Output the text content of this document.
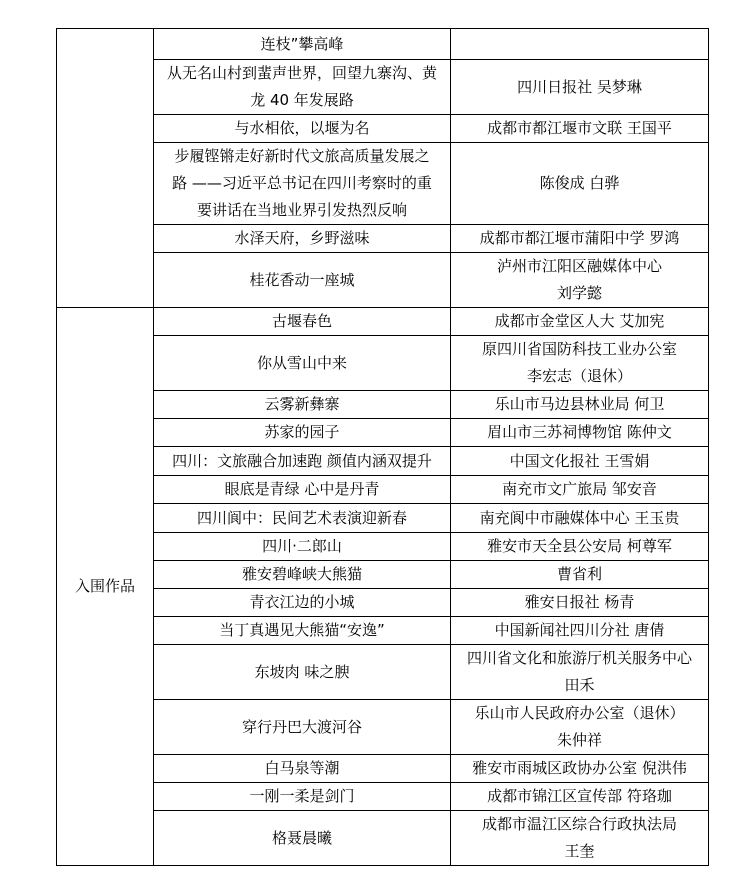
	连枝”攀高峰	
	从无名山村到蜚声世界，回望九寨沟、黄
龙 40 年发展路	四川日报社 吴梦琳
	与水相依，以堰为名	成都市都江堰市文联 王国平
	步履铿锵走好新时代文旅高质量发展之
路 ——习近平总书记在四川考察时的重
要讲话在当地业界引发热烈反响	陈俊成 白骅
	水泽天府，乡野滋味	成都市都江堰市蒲阳中学 罗鸿
	桂花香动一座城	泸州市江阳区融媒体中心
刘学懿
入围作品	古堰春色	成都市金堂区人大 艾加宪
	你从雪山中来	原四川省国防科技工业办公室
李宏志（退休）
	云雾新彝寨	乐山市马边县林业局 何卫
	苏家的园子	眉山市三苏祠博物馆 陈仲文
	四川：文旅融合加速跑 颜值内涵双提升	中国文化报社 王雪娟
	眼底是青绿 心中是丹青	南充市文广旅局 邹安音
	四川阆中：民间艺术表演迎新春	南充阆中市融媒体中心 王玉贵
	四川·二郎山	雅安市天全县公安局 柯尊军
	雅安碧峰峡大熊猫	曹省利
	青衣江边的小城	雅安日报社 杨青
	当丁真遇见大熊猫“安逸”	中国新闻社四川分社 唐倩
	东坡肉 味之腴	四川省文化和旅游厅机关服务中心
田禾
	穿行丹巴大渡河谷	乐山市人民政府办公室（退休）
朱仲祥
	白马泉等潮	雅安市雨城区政协办公室 倪洪伟
	一刚一柔是剑门	成都市锦江区宣传部 符珞珈
	格聂晨曦	成都市温江区综合行政执法局
王奎
